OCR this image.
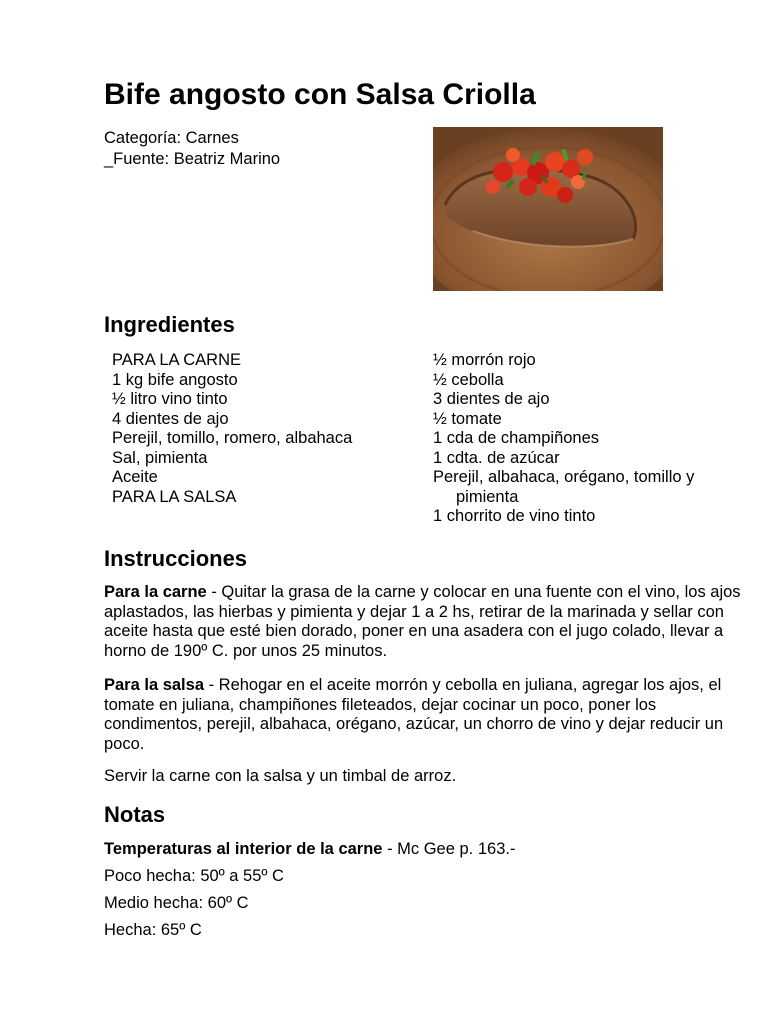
Bife angosto con Salsa Criolla
Categoría: Carnes
_Fuente: Beatriz Marino
Ingredientes
PARA LA CARNE
1 kg bife angosto
½ litro vino tinto
4 dientes de ajo
Perejil, tomillo, romero, albahaca
Sal, pimienta
Aceite
PARA LA SALSA
½ morrón rojo
½ cebolla
3 dientes de ajo
½ tomate
1 cda de champiñones
1 cdta. de azúcar
Perejil, albahaca, orégano, tomillo y pimienta
1 chorrito de vino tinto
Instrucciones
Para la carne - Quitar la grasa de la carne y colocar en una fuente con el vino, los ajos aplastados, las hierbas y pimienta y dejar 1 a 2 hs, retirar de la marinada y sellar con aceite hasta que esté bien dorado, poner en una asadera con el jugo colado, llevar a horno de 190º C. por unos 25 minutos.
Para la salsa - Rehogar en el aceite morrón y cebolla en juliana, agregar los ajos, el tomate en juliana, champiñones fileteados, dejar cocinar un poco, poner los condimentos, perejil, albahaca, orégano, azúcar, un chorro de vino y dejar reducir un poco.
Servir la carne con la salsa y un timbal de arroz.
Notas
Temperaturas al interior de la carne - Mc Gee p. 163.-
Poco hecha: 50º a 55º C
Medio hecha: 60º C
Hecha: 65º C
